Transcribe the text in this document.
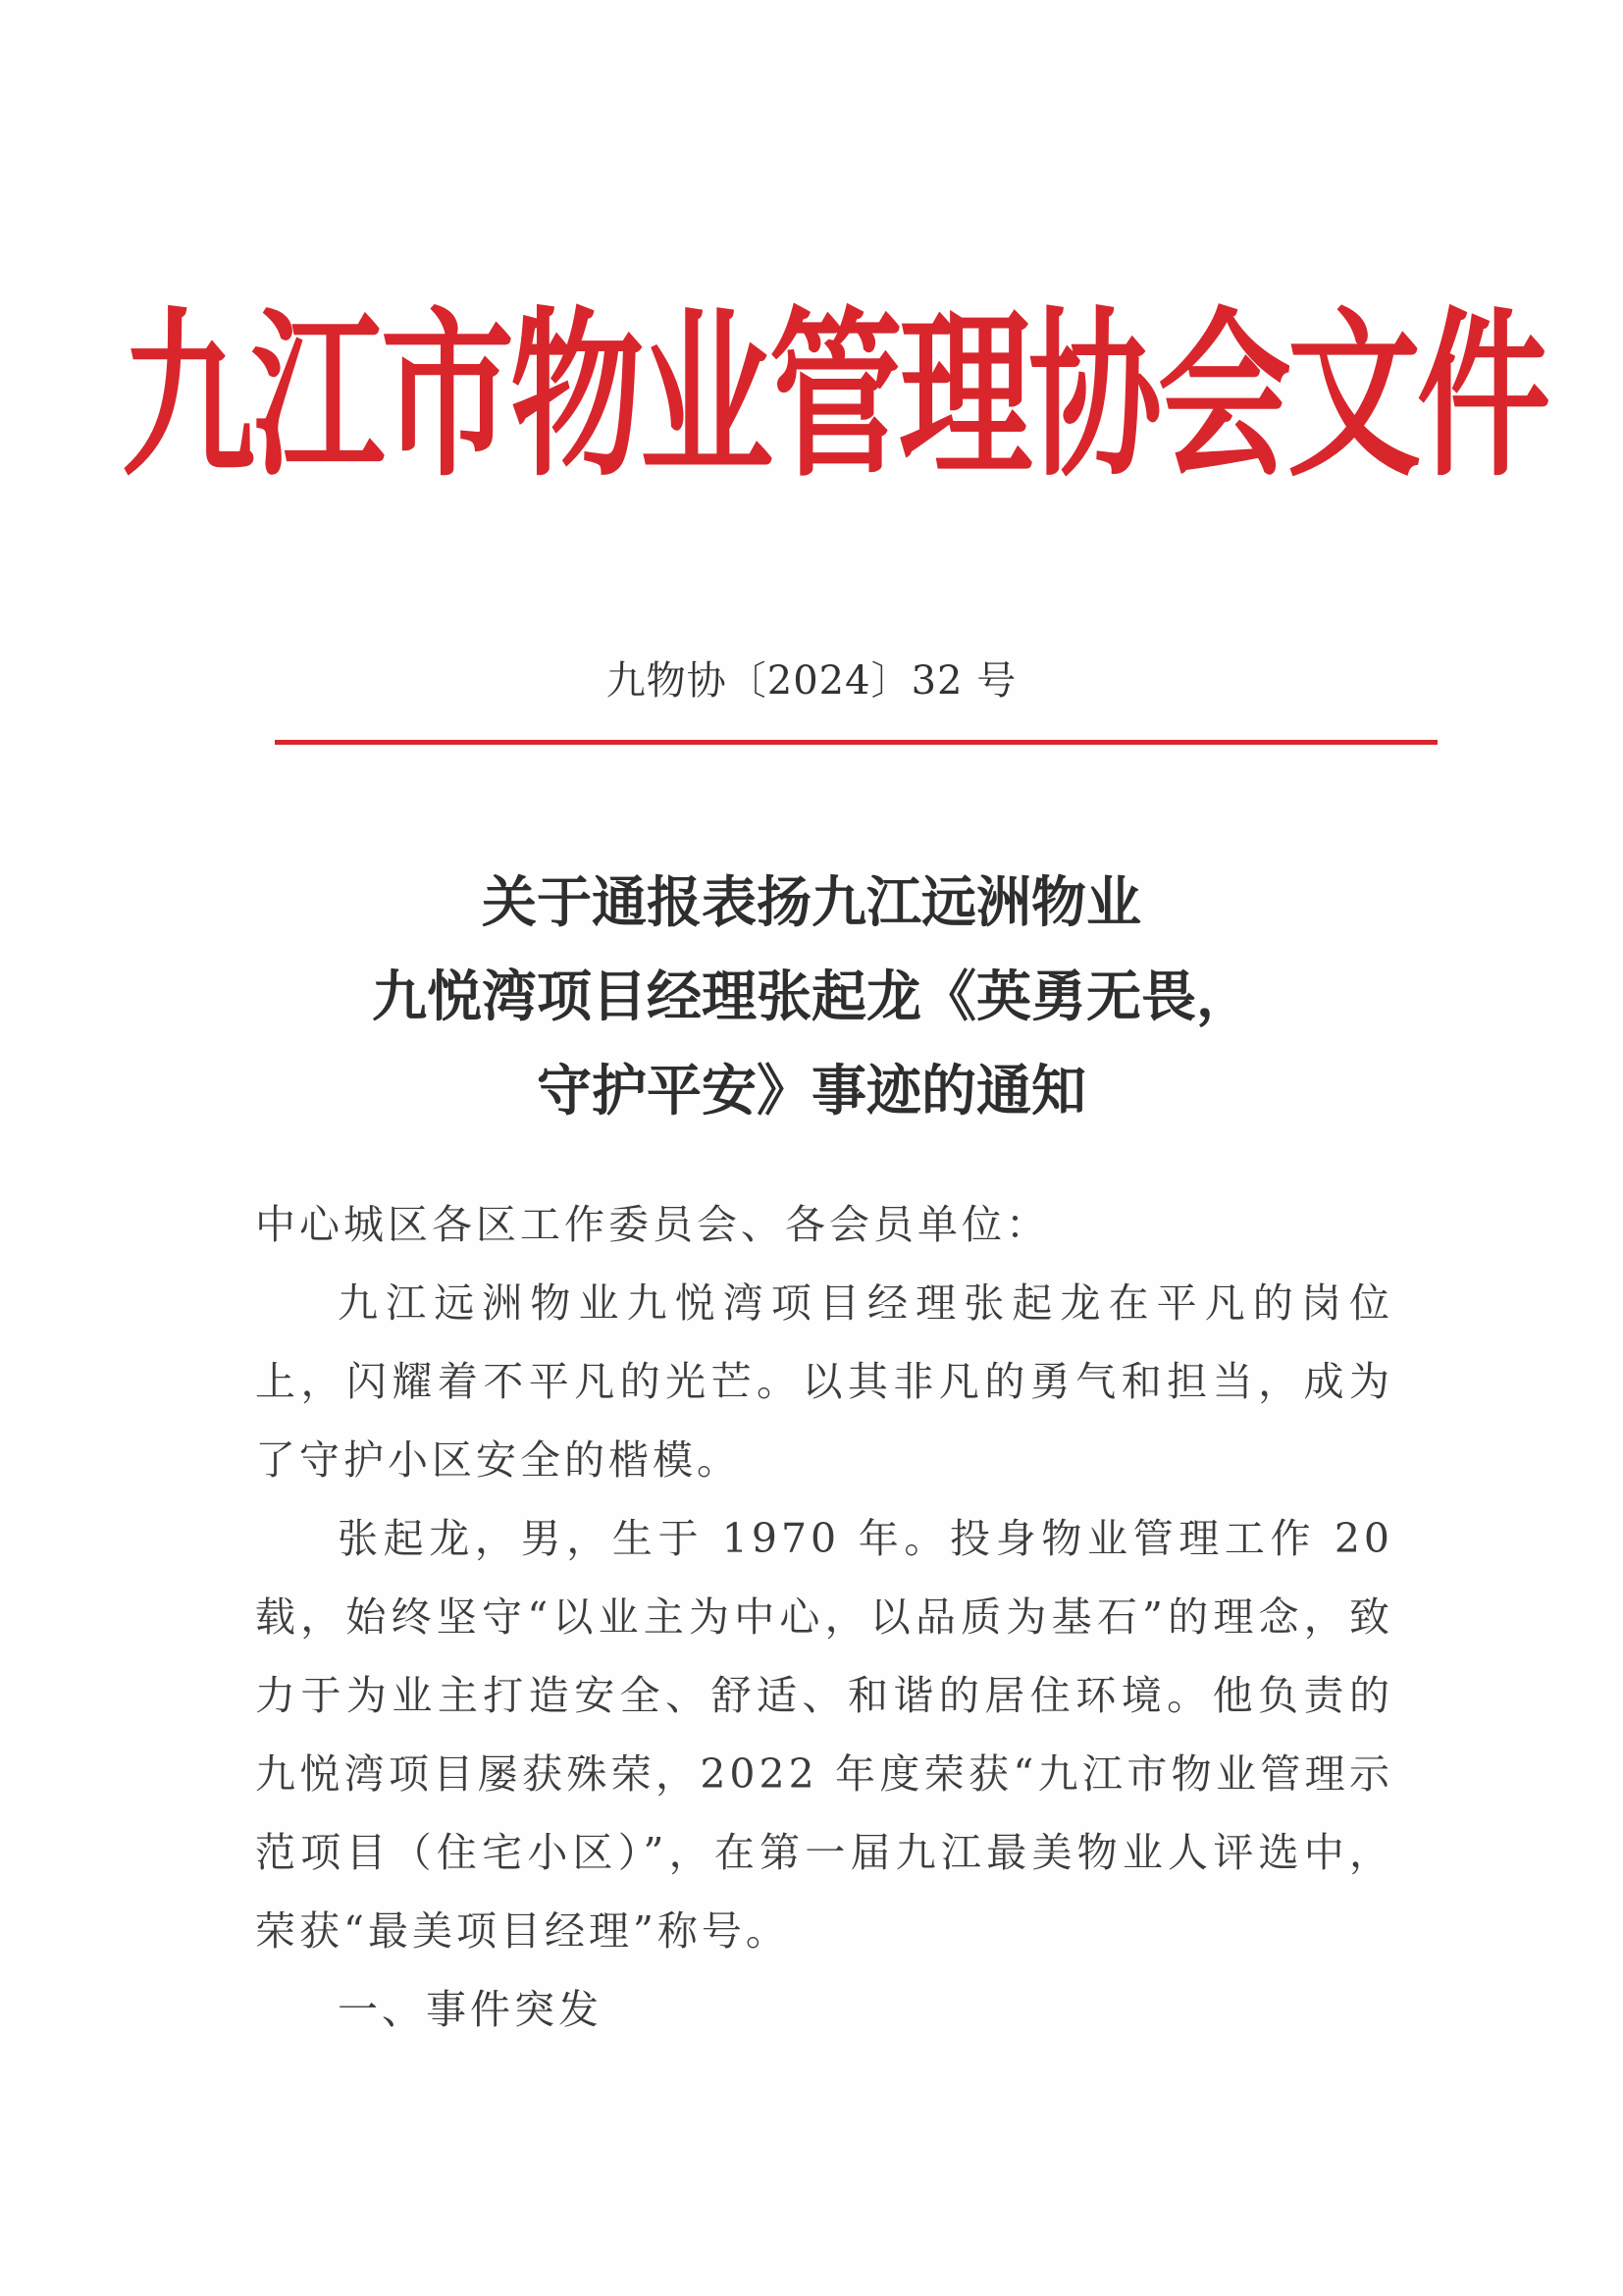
九江市物业管理协会文件
九物协〔2024〕32 号
关于通报表扬九江远洲物业
九悦湾项目经理张起龙《英勇无畏，
守护平安》事迹的通知

中心城区各区工作委员会、各会员单位：

九江远洲物业九悦湾项目经理张起龙在平凡的岗位上，闪耀着不平凡的光芒。以其非凡的勇气和担当，成为了守护小区安全的楷模。

张起龙，男，生于 1970 年。投身物业管理工作 20 载，始终坚守“以业主为中心，以品质为基石”的理念，致力于为业主打造安全、舒适、和谐的居住环境。他负责的九悦湾项目屡获殊荣，2022 年度荣获“九江市物业管理示范项目（住宅小区）”，在第一届九江最美物业人评选中，荣获“最美项目经理”称号。

一、事件突发
